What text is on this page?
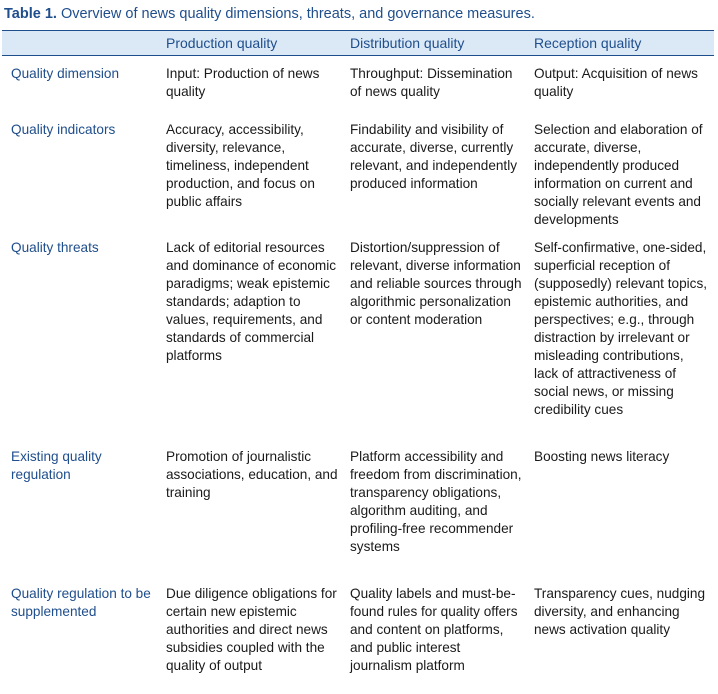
Table 1. Overview of news quality dimensions, threats, and governance measures.
	Production quality	Distribution quality	Reception quality

Quality dimension	Input: Production of news quality	Throughput: Dissemination of news quality	Output: Acquisition of news quality

Quality indicators	Accuracy, accessibility, diversity, relevance, timeliness, independent production, and focus on public affairs	Findability and visibility of accurate, diverse, currently relevant, and independently produced information	Selection and elaboration of accurate, diverse, independently produced information on current and socially relevant events and developments

Quality threats	Lack of editorial resources and dominance of economic paradigms; weak epistemic standards; adaption to values, requirements, and standards of commercial platforms	Distortion/suppression of relevant, diverse information and reliable sources through algorithmic personalization or content moderation	Self-confirmative, one-sided, superficial reception of (supposedly) relevant topics, epistemic authorities, and perspectives; e.g., through distraction by irrelevant or misleading contributions, lack of attractiveness of social news, or missing credibility cues

Existing quality regulation	Promotion of journalistic associations, education, and training	Platform accessibility and freedom from discrimination, transparency obligations, algorithm auditing, and profiling-free recommender systems	Boosting news literacy

Quality regulation to be supplemented	Due diligence obligations for certain new epistemic authorities and direct news subsidies coupled with the quality of output	Quality labels and must-be-found rules for quality offers and content on platforms, and public interest journalism platform	Transparency cues, nudging diversity, and enhancing news activation quality
